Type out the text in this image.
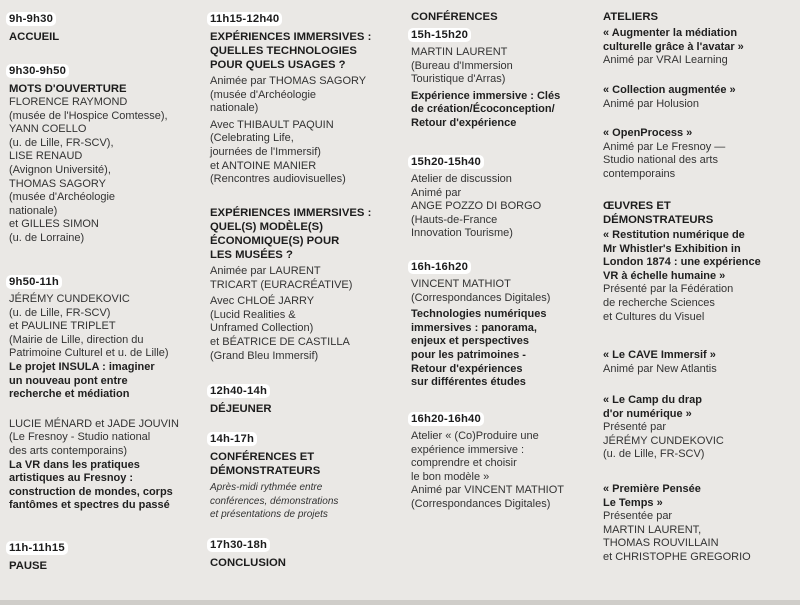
9h-9h30
ACCUEIL
9h30-9h50
MOTS D'OUVERTURE
FLORENCE RAYMOND
(musée de l'Hospice Comtesse),
YANN COELLO
(u. de Lille, FR-SCV),
LISE RENAUD
(Avignon Université),
THOMAS SAGORY
(musée d'Archéologie
nationale)
et GILLES SIMON
(u. de Lorraine)
9h50-11h
JÉRÉMY CUNDEKOVIC
(u. de Lille, FR-SCV)
et PAULINE TRIPLET
(Mairie de Lille, direction du
Patrimoine Culturel et u. de Lille)
Le projet INSULA : imaginer
un nouveau pont entre
recherche et médiation
LUCIE MÉNARD et JADE JOUVIN
(Le Fresnoy - Studio national
des arts contemporains)
La VR dans les pratiques
artistiques au Fresnoy :
construction de mondes, corps
fantômes et spectres du passé
11h-11h15
PAUSE
11h15-12h40
EXPÉRIENCES IMMERSIVES :
QUELLES TECHNOLOGIES
POUR QUELS USAGES ?
Animée par THOMAS SAGORY
(musée d'Archéologie
nationale)
Avec THIBAULT PAQUIN
(Celebrating Life,
journées de l'Immersif)
et ANTOINE MANIER
(Rencontres audiovisuelles)
EXPÉRIENCES IMMERSIVES :
QUEL(S) MODÈLE(S)
ÉCONOMIQUE(S) POUR
LES MUSÉES ?
Animée par LAURENT
TRICART (EURACRÉATIVE)
Avec CHLOÉ JARRY
(Lucid Realities &
Unframed Collection)
et BÉATRICE DE CASTILLA
(Grand Bleu Immersif)
12h40-14h
DÉJEUNER
14h-17h
CONFÉRENCES ET
DÉMONSTRATEURS
Après-midi rythmée entre
conférences, démonstrations
et présentations de projets
17h30-18h
CONCLUSION
CONFÉRENCES
15h-15h20
MARTIN LAURENT
(Bureau d'Immersion
Touristique d'Arras)
Expérience immersive : Clés
de création/Écoconception/
Retour d'expérience
15h20-15h40
Atelier de discussion
Animé par
ANGE POZZO DI BORGO
(Hauts-de-France
Innovation Tourisme)
16h-16h20
VINCENT MATHIOT
(Correspondances Digitales)
Technologies numériques
immersives : panorama,
enjeux et perspectives
pour les patrimoines -
Retour d'expériences
sur différentes études
16h20-16h40
Atelier « (Co)Produire une
expérience immersive :
comprendre et choisir
le bon modèle »
Animé par VINCENT MATHIOT
(Correspondances Digitales)
ATELIERS
« Augmenter la médiation
culturelle grâce à l'avatar »
Animé par VRAI Learning
« Collection augmentée »
Animé par Holusion
« OpenProcess »
Animé par Le Fresnoy —
Studio national des arts
contemporains
ŒUVRES ET
DÉMONSTRATEURS
« Restitution numérique de
Mr Whistler's Exhibition in
London 1874 : une expérience
VR à échelle humaine »
Présenté par la Fédération
de recherche Sciences
et Cultures du Visuel
« Le CAVE Immersif »
Animé par New Atlantis
« Le Camp du drap
d'or numérique »
Présenté par
JÉRÉMY CUNDEKOVIC
(u. de Lille, FR-SCV)
« Première Pensée
Le Temps »
Présentée par
MARTIN LAURENT,
THOMAS ROUVILLAIN
et CHRISTOPHE GREGORIO
